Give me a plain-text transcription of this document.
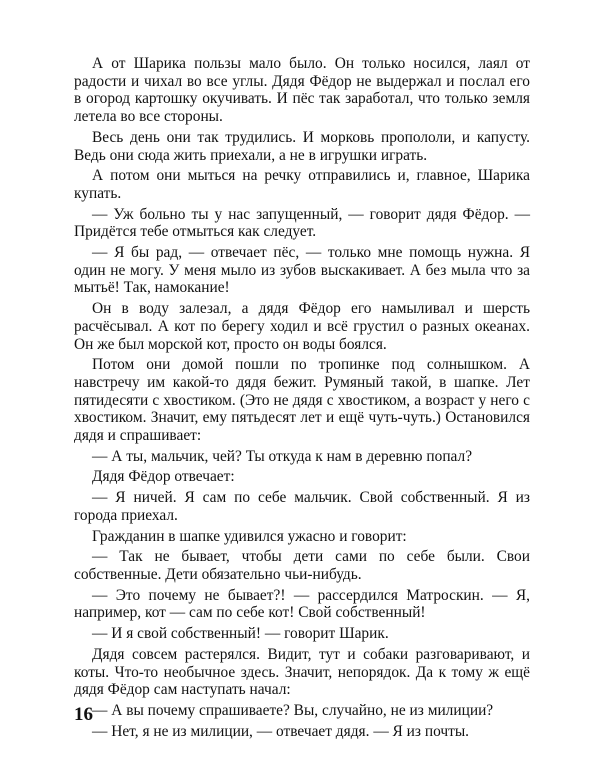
А от Шарика пользы мало было. Он только носился, лаял от радости и чихал во все углы. Дядя Фёдор не выдержал и послал его в огород картошку окучивать. И пёс так заработал, что только земля летела во все стороны.

Весь день они так трудились. И морковь пропололи, и капусту. Ведь они сюда жить приехали, а не в игрушки играть.

А потом они мыться на речку отправились и, главное, Шарика купать.

— Уж больно ты у нас запущенный, — говорит дядя Фёдор. — Придётся тебе отмыться как следует.

— Я бы рад, — отвечает пёс, — только мне помощь нужна. Я один не могу. У меня мыло из зубов выскакивает. А без мыла что за мытьё! Так, намокание!

Он в воду залезал, а дядя Фёдор его намыливал и шерсть расчёсывал. А кот по берегу ходил и всё грустил о разных океанах. Он же был морской кот, просто он воды боялся.

Потом они домой пошли по тропинке под солнышком. А навстречу им какой-то дядя бежит. Румяный такой, в шапке. Лет пятидесяти с хвостиком. (Это не дядя с хвостиком, а возраст у него с хвостиком. Значит, ему пятьдесят лет и ещё чуть-чуть.) Остановился дядя и спрашивает:

— А ты, мальчик, чей? Ты откуда к нам в деревню попал?

Дядя Фёдор отвечает:

— Я ничей. Я сам по себе мальчик. Свой собственный. Я из города приехал.

Гражданин в шапке удивился ужасно и говорит:

— Так не бывает, чтобы дети сами по себе были. Свои собственные. Дети обязательно чьи-нибудь.

— Это почему не бывает?! — рассердился Матроскин. — Я, например, кот — сам по себе кот! Свой собственный!

— И я свой собственный! — говорит Шарик.

Дядя совсем растерялся. Видит, тут и собаки разговаривают, и коты. Что-то необычное здесь. Значит, непорядок. Да к тому ж ещё дядя Фёдор сам наступать начал:

— А вы почему спрашиваете? Вы, случайно, не из милиции?

— Нет, я не из милиции, — отвечает дядя. — Я из почты.

16
